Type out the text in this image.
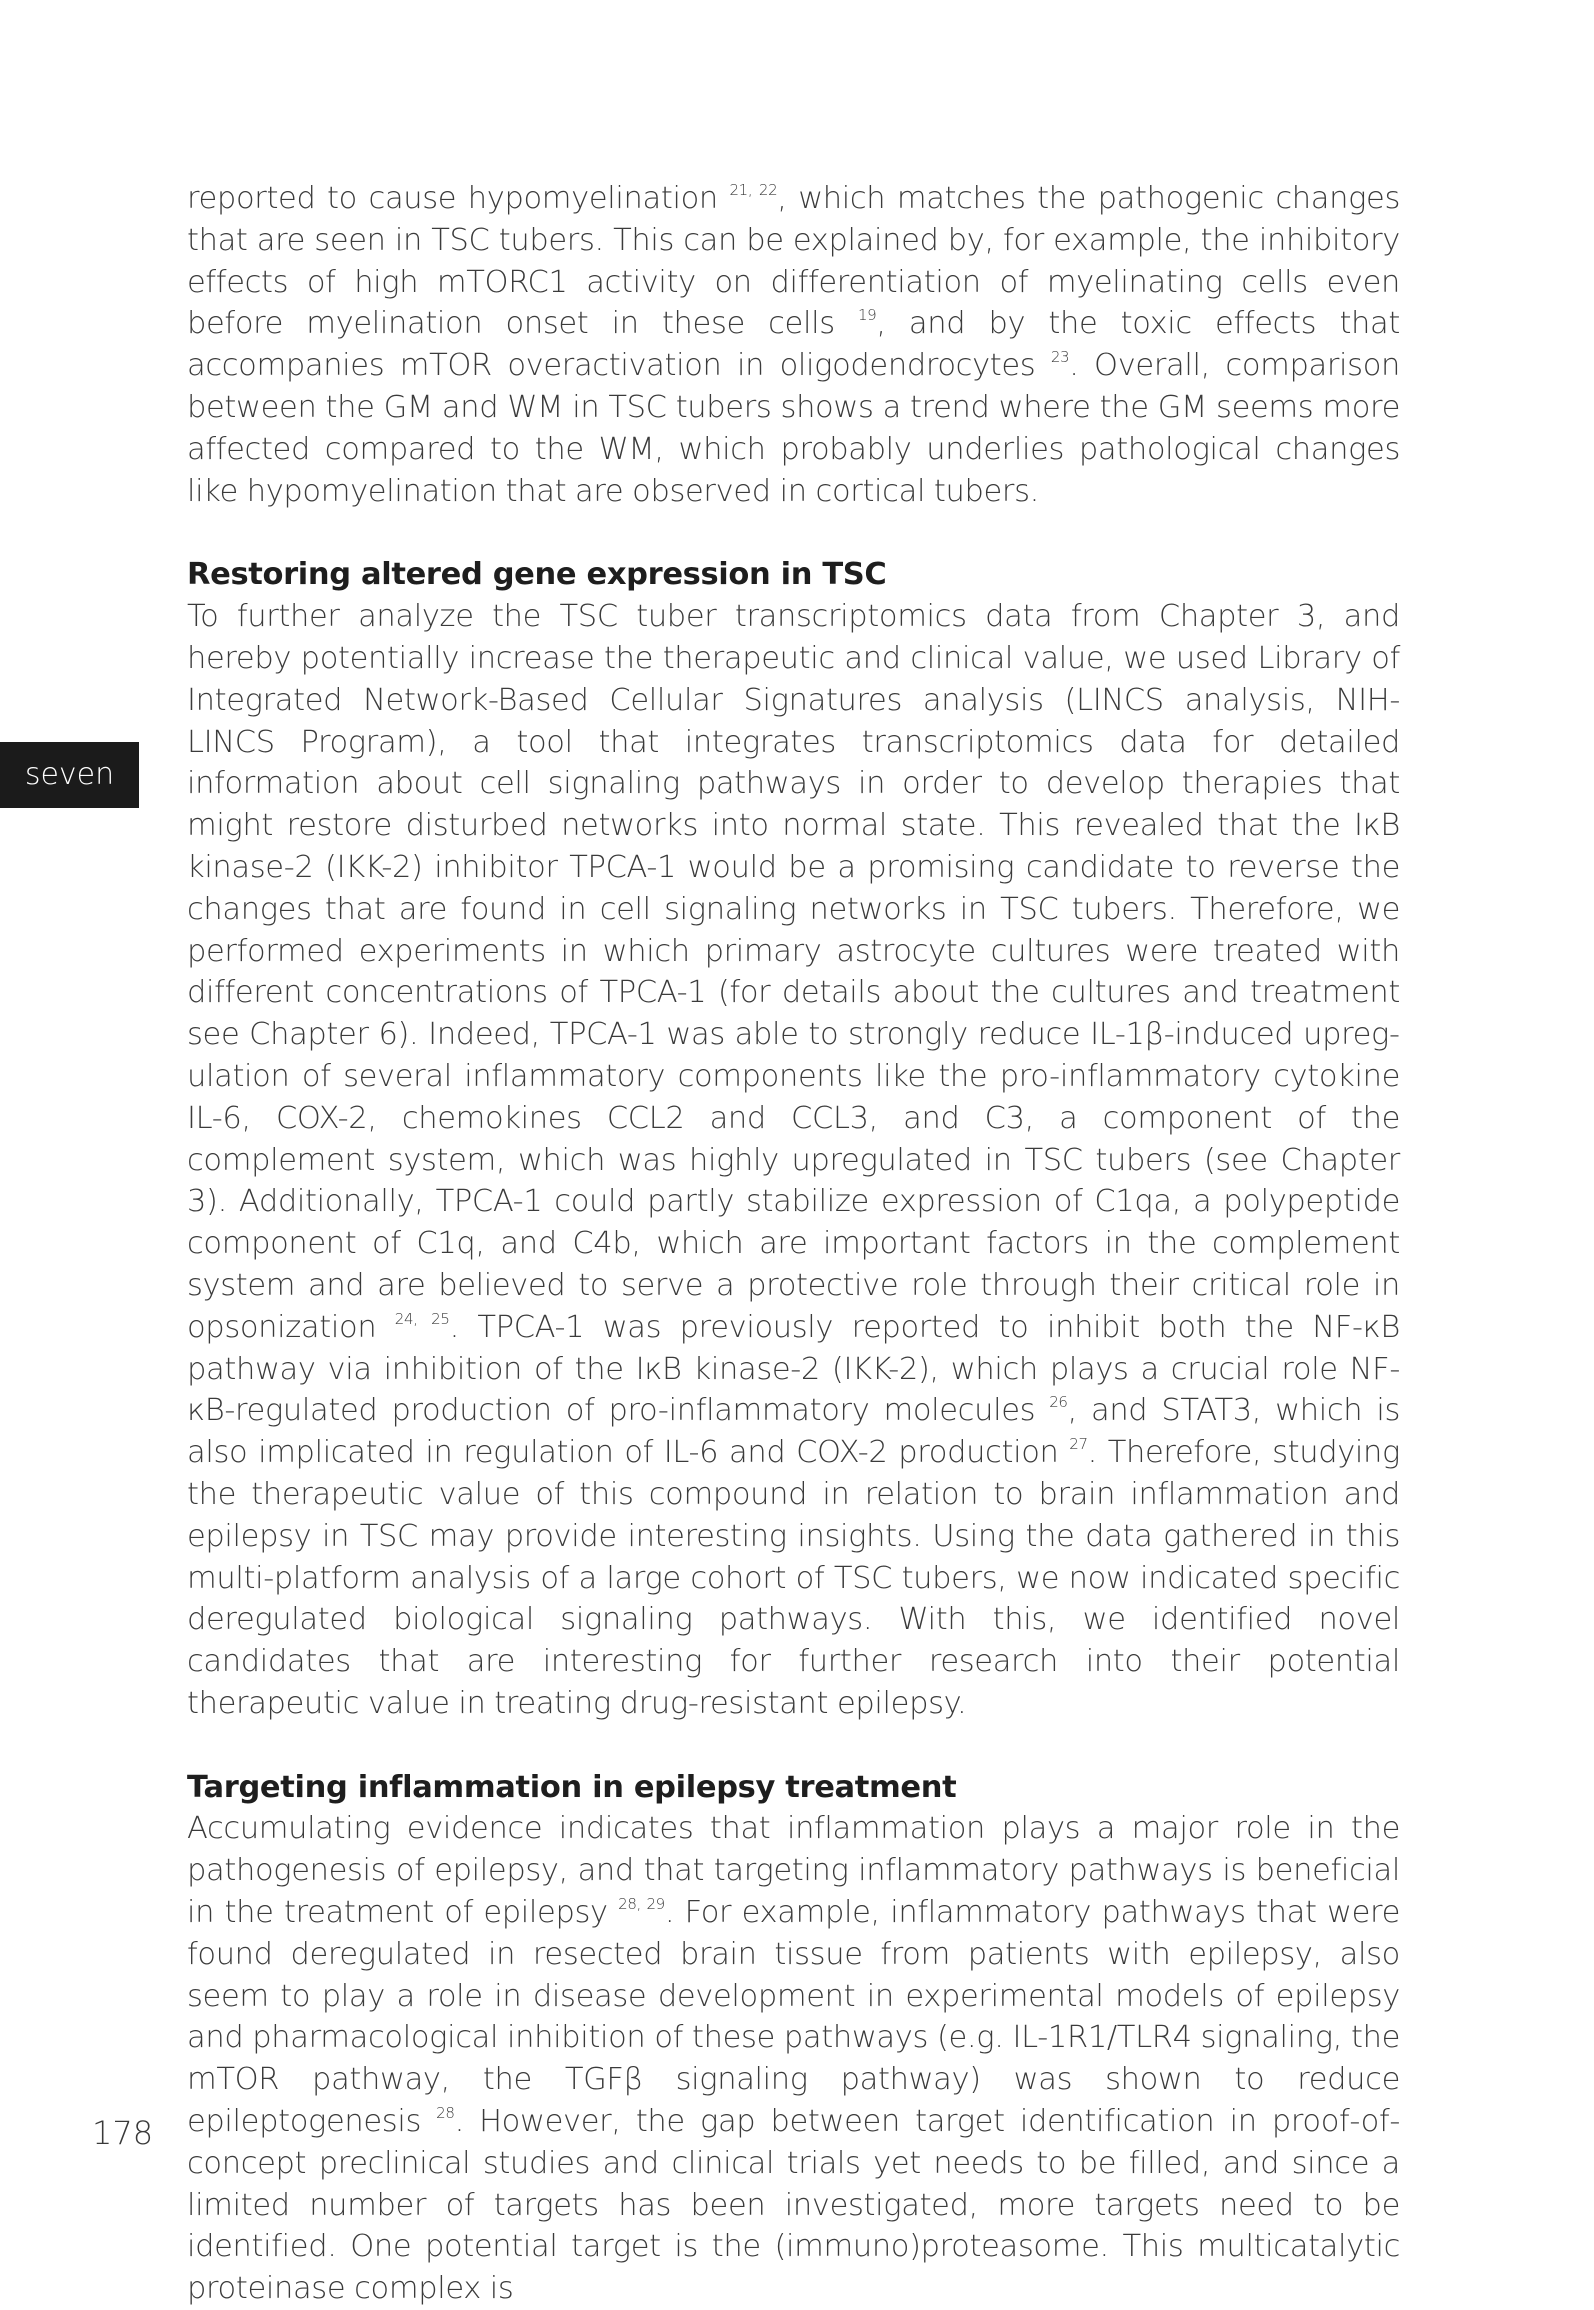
seven

reported to cause hypomyelination $^{21, 22}$, which matches the pathogenic changes that are seen in TSC tubers. This can be explained by, for example, the inhibitory effects of high mTORC1 activity on differentiation of myelinating cells even before myelination onset in these cells $^{19}$, and by the toxic effects that accompanies mTOR overactivation in oligodendrocytes $^{23}$. Overall, comparison between the GM and WM in TSC tubers shows a trend where the GM seems more affected compared to the WM, which probably underlies pathological changes like hypomyelination that are observed in cortical tubers.

Restoring altered gene expression in TSC

To further analyze the TSC tuber transcriptomics data from Chapter 3, and hereby potentially increase the therapeutic and clinical value, we used Library of Integrated Network-Based Cellular Signatures analysis (LINCS analysis, NIH-LINCS Program), a tool that integrates transcriptomics data for detailed information about cell signaling pathways in order to develop therapies that might restore disturbed networks into normal state. This revealed that the IκB kinase-2 (IKK-2) inhibitor TPCA-1 would be a promising candidate to reverse the changes that are found in cell signaling networks in TSC tubers. Therefore, we performed experiments in which primary astrocyte cultures were treated with different concentrations of TPCA-1 (for details about the cultures and treatment see Chapter 6). Indeed, TPCA-1 was able to strongly reduce IL-1β-induced upregulation of several inflammatory components like the pro-inflammatory cytokine IL-6, COX-2, chemokines CCL2 and CCL3, and C3, a component of the complement system, which was highly upregulated in TSC tubers (see Chapter 3). Additionally, TPCA-1 could partly stabilize expression of C1qa, a polypeptide component of C1q, and C4b, which are important factors in the complement system and are believed to serve a protective role through their critical role in opsonization $^{24, 25}$. TPCA-1 was previously reported to inhibit both the NF-κB pathway via inhibition of the IκB kinase-2 (IKK-2), which plays a crucial role NF-κB-regulated production of pro-inflammatory molecules $^{26}$, and STAT3, which is also implicated in regulation of IL-6 and COX-2 production $^{27}$. Therefore, studying the therapeutic value of this compound in relation to brain inflammation and epilepsy in TSC may provide interesting insights. Using the data gathered in this multi-platform analysis of a large cohort of TSC tubers, we now indicated specific deregulated biological signaling pathways. With this, we identified novel candidates that are interesting for further research into their potential therapeutic value in treating drug-resistant epilepsy.

Targeting inflammation in epilepsy treatment

Accumulating evidence indicates that inflammation plays a major role in the pathogenesis of epilepsy, and that targeting inflammatory pathways is beneficial in the treatment of epilepsy $^{28, 29}$. For example, inflammatory pathways that were found deregulated in resected brain tissue from patients with epilepsy, also seem to play a role in disease development in experimental models of epilepsy and pharmacological inhibition of these pathways (e.g. IL-1R1/TLR4 signaling, the mTOR pathway, the TGFβ signaling pathway) was shown to reduce epileptogenesis $^{28}$. However, the gap between target identification in proof-of-concept preclinical studies and clinical trials yet needs to be filled, and since a limited number of targets has been investigated, more targets need to be identified. One potential target is the (immuno)proteasome. This multicatalytic proteinase complex is

178
